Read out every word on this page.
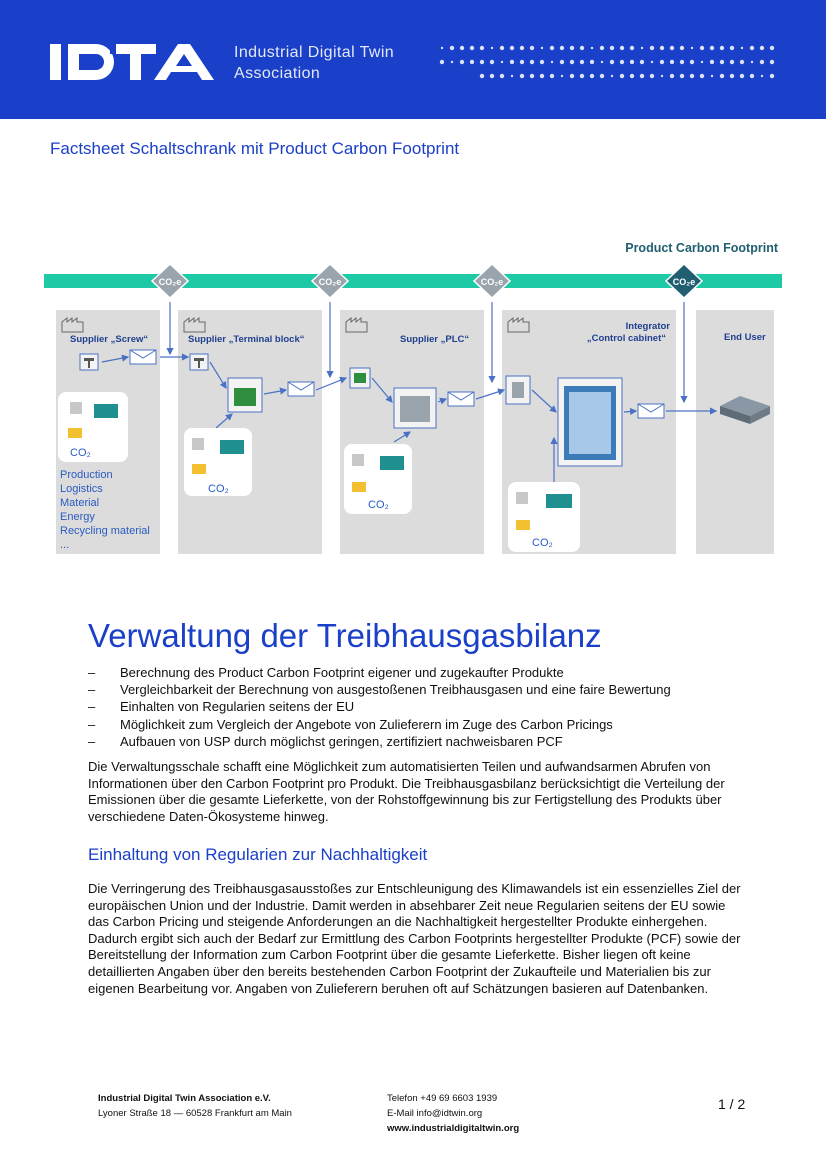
Industrial Digital Twin
Association
Factsheet Schaltschrank mit Product Carbon Footprint
Product Carbon Footprint
Supplier „Screw“	Supplier „Terminal block“	Supplier „PLC“
Integrator
„Control cabinet“	End User
CO₂e	CO₂e	CO₂e	CO₂e
CO₂
CO₂
CO₂
CO₂
Production
Logistics
Material
Energy
Recycling material
...
Verwaltung der Treibhausgasbilanz
–	Berechnung des Product Carbon Footprint eigener und zugekaufter Produkte
–	Vergleichbarkeit der Berechnung von ausgestoßenen Treibhausgasen und eine faire Bewertung
–	Einhalten von Regularien seitens der EU
–	Möglichkeit zum Vergleich der Angebote von Zulieferern im Zuge des Carbon Pricings
–	Aufbauen von USP durch möglichst geringen, zertifiziert nachweisbaren PCF

Die Verwaltungsschale schafft eine Möglichkeit zum automatisierten Teilen und aufwandsarmen Abrufen von Informationen über den Carbon Footprint pro Produkt. Die Treibhausgasbilanz berücksichtigt die Verteilung der Emissionen über die gesamte Lieferkette, von der Rohstoffgewinnung bis zur Fertigstellung des Produkts über verschiedene Daten-Ökosysteme hinweg.

Einhaltung von Regularien zur Nachhaltigkeit

Die Verringerung des Treibhausgasausstoßes zur Entschleunigung des Klimawandels ist ein essenzielles Ziel der europäischen Union und der Industrie. Damit werden in absehbarer Zeit neue Regularien seitens der EU sowie das Carbon Pricing und steigende Anforderungen an die Nachhaltigkeit hergestellter Produkte einhergehen. Dadurch ergibt sich auch der Bedarf zur Ermittlung des Carbon Footprints hergestellter Produkte (PCF) sowie der Bereitstellung der Information zum Carbon Footprint über die gesamte Lieferkette. Bisher liegen oft keine detaillierten Angaben über den bereits bestehenden Carbon Footprint der Zukaufteile und Materialien bis zur eigenen Bearbeitung vor. Angaben von Zulieferern beruhen oft auf Schätzungen basieren auf Datenbanken.

Industrial Digital Twin Association e.V.
Lyoner Straße 18 — 60528 Frankfurt am Main
Telefon +49 69 6603 1939
E-Mail info@idtwin.org
www.industrialdigitaltwin.org
1 / 2
